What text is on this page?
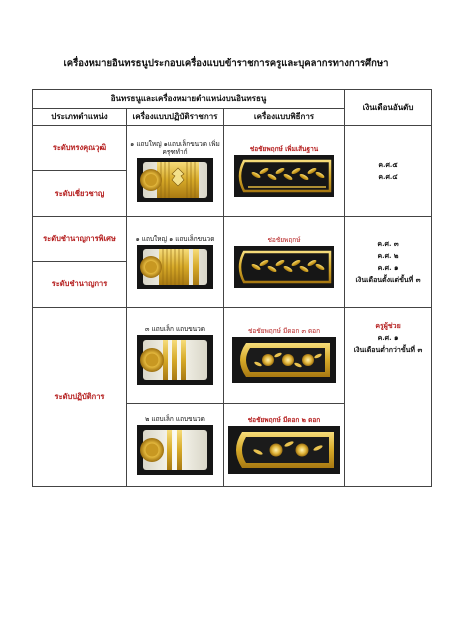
เครื่องหมายอินทรธนูประกอบเครื่องแบบข้าราชการครูและบุคลากรทางการศึกษา
อินทรธนูและเครื่องหมายตำแหน่งบนอินทรธนู			เงินเดือนอันดับ
ประเภทตำแหน่ง	เครื่องแบบปฏิบัติราชการ	เครื่องแบบพิธีการ	
ระดับทรงคุณวุฒิ	๑ แถบใหญ่ ๑แถบเล็กขนวด เพิ่มครุฑทำก์	ช่อชัยพฤกษ์ เพิ่มเส้นฐาน	ค.ศ.๕
ค.ศ.๔

ระดับเชี่ยวชาญ			
ระดับชำนาญการพิเศษ	๑ แถบใหญ่ ๑ แถบเล็กขนวด	ช่อชัยพฤกษ์	ค.ศ. ๓
ค.ศ. ๒
ค.ศ. ๑
เงินเดือนตั้งแต่ขั้นที่ ๓

ระดับชำนาญการ			
ระดับปฏิบัติการ	๓ แถบเล็ก แถบขนวด	ช่อชัยพฤกษ์ มีดอก ๓ ดอก	ครูผู้ช่วย
ค.ศ. ๑
เงินเดือนต่ำกว่าขั้นที่ ๓

	๒ แถบเล็ก แถบขนวด	ช่อชัยพฤกษ์ มีดอก ๒ ดอก	
